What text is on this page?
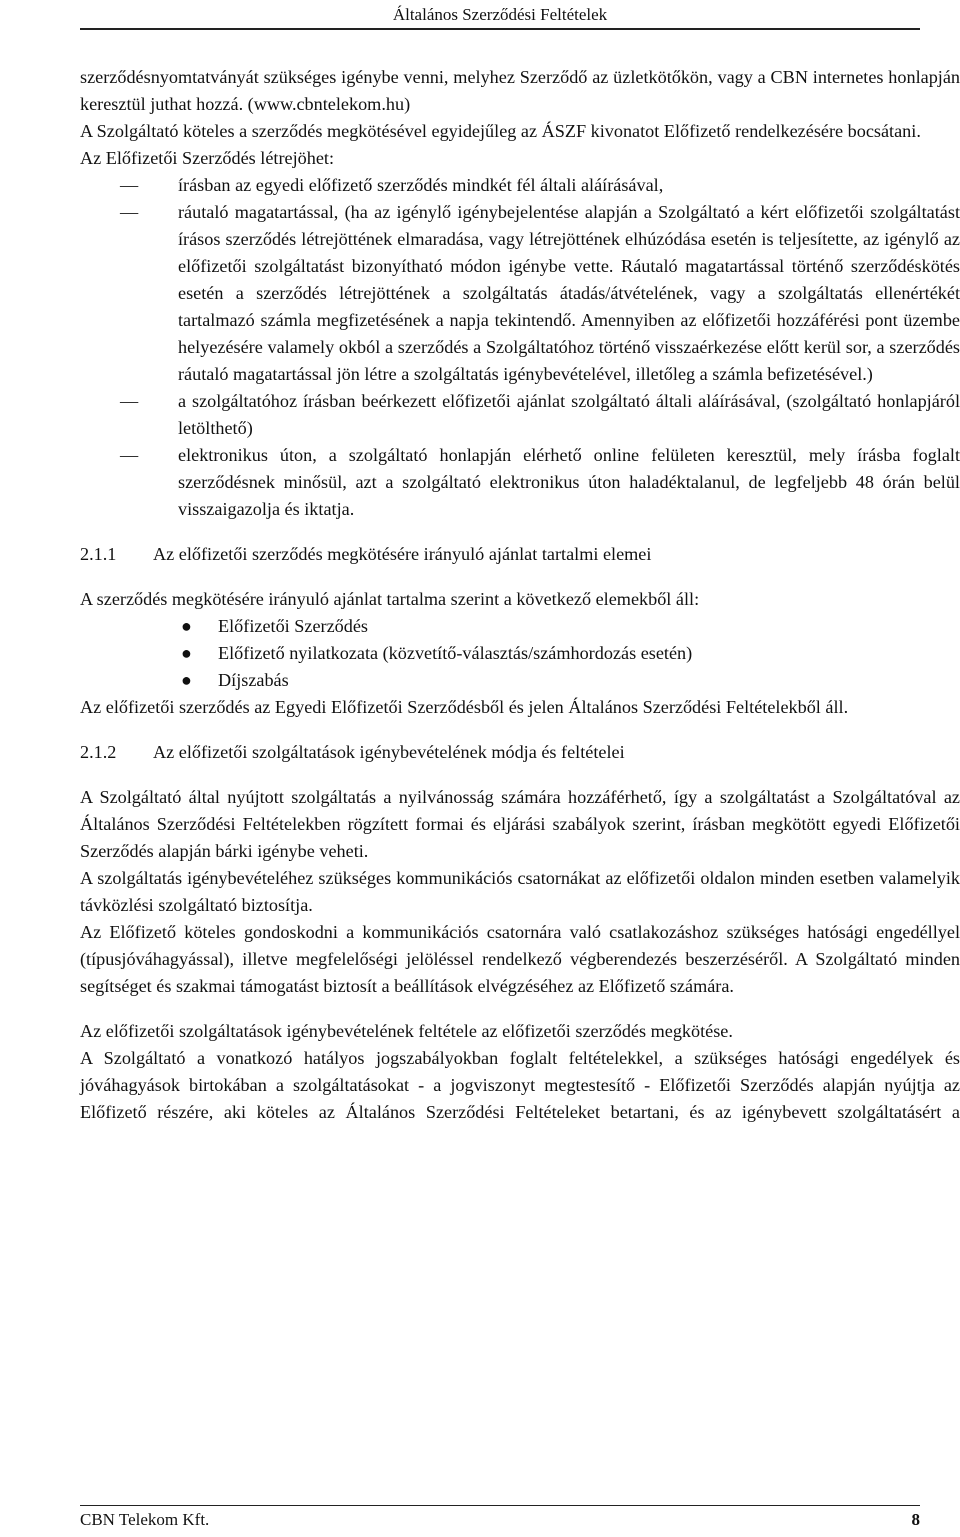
Általános Szerződési Feltételek

szerződésnyomtatványát szükséges igénybe venni, melyhez Szerződő az üzletkötőkön, vagy a CBN internetes honlapján keresztül juthat hozzá. (www.cbntelekom.hu)

A Szolgáltató köteles a szerződés megkötésével egyidejűleg az ÁSZF kivonatot Előfizető rendelkezésére bocsátani.

Az Előfizetői Szerződés létrejöhet:

— írásban az egyedi előfizető szerződés mindkét fél általi aláírásával,
— ráutaló magatartással, (ha az igénylő igénybejelentése alapján a Szolgáltató a kért előfizetői szolgáltatást írásos szerződés létrejöttének elmaradása, vagy létrejöttének elhúzódása esetén is teljesítette, az igénylő az előfizetői szolgáltatást bizonyítható módon igénybe vette. Ráutaló magatartással történő szerződéskötés esetén a szerződés létrejöttének a szolgáltatás átadás/átvételének, vagy a szolgáltatás ellenértékét tartalmazó számla megfizetésének a napja tekintendő. Amennyiben az előfizetői hozzáférési pont üzembe helyezésére valamely okból a szerződés a Szolgáltatóhoz történő visszaérkezése előtt kerül sor, a szerződés ráutaló magatartással jön létre a szolgáltatás igénybevételével, illetőleg a számla befizetésével.)
— a szolgáltatóhoz írásban beérkezett előfizetői ajánlat szolgáltató általi aláírásával, (szolgáltató honlapjáról letölthető)
— elektronikus úton, a szolgáltató honlapján elérhető online felületen keresztül, mely írásba foglalt szerződésnek minősül, azt a szolgáltató elektronikus úton haladéktalanul, de legfeljebb 48 órán belül visszaigazolja és iktatja.
2.1.1	Az előfizetői szerződés megkötésére irányuló ajánlat tartalmi elemei

A szerződés megkötésére irányuló ajánlat tartalma szerint a következő elemekből áll:

● Előfizetői Szerződés
● Előfizető nyilatkozata (közvetítő-választás/számhordozás esetén)
● Díjszabás

Az előfizetői szerződés az Egyedi Előfizetői Szerződésből és jelen Általános Szerződési Feltételekből áll.

2.1.2	Az előfizetői szolgáltatások igénybevételének módja és feltételei

A Szolgáltató által nyújtott szolgáltatás a nyilvánosság számára hozzáférhető, így a szolgáltatást a Szolgáltatóval az Általános Szerződési Feltételekben rögzített formai és eljárási szabályok szerint, írásban megkötött egyedi Előfizetői Szerződés alapján bárki igénybe veheti.

A szolgáltatás igénybevételéhez szükséges kommunikációs csatornákat az előfizetői oldalon minden esetben valamelyik távközlési szolgáltató biztosítja.

Az Előfizető köteles gondoskodni a kommunikációs csatornára való csatlakozáshoz szükséges hatósági engedéllyel (típusjóváhagyással), illetve megfelelőségi jelöléssel rendelkező végberendezés beszerzéséről. A Szolgáltató minden segítséget és szakmai támogatást biztosít a beállítások elvégzéséhez az Előfizető számára.

Az előfizetői szolgáltatások igénybevételének feltétele az előfizetői szerződés megkötése.

A Szolgáltató a vonatkozó hatályos jogszabályokban foglalt feltételekkel, a szükséges hatósági engedélyek és jóváhagyások birtokában a szolgáltatásokat - a jogviszonyt megtestesítő - Előfizetői Szerződés alapján nyújtja az Előfizető részére, aki köteles az Általános Szerződési Feltételeket betartani, és az igénybevett szolgáltatásért a

CBN Telekom Kft.	8
